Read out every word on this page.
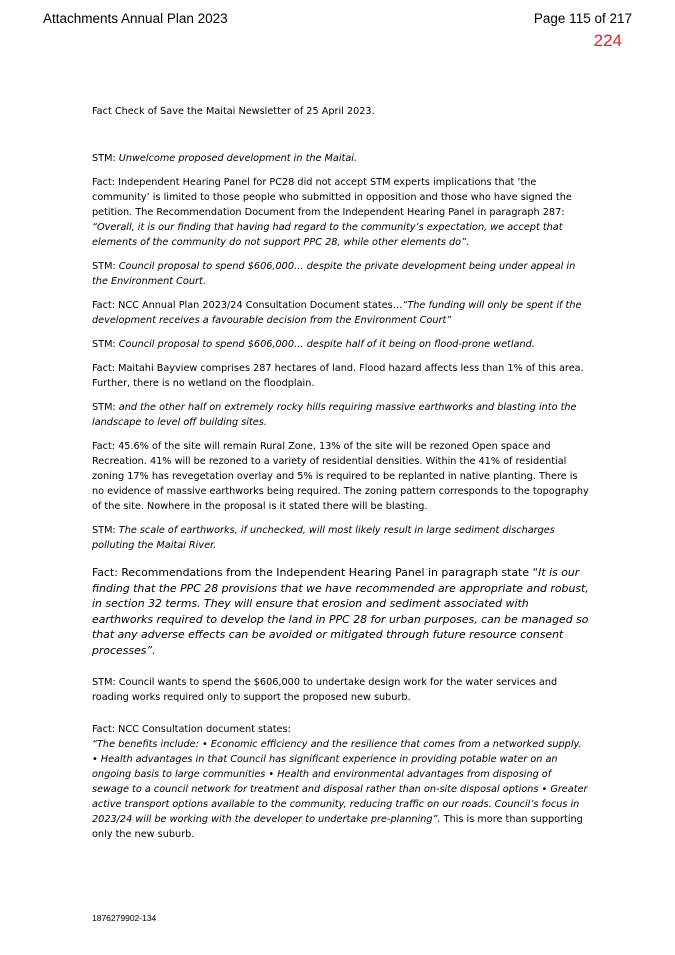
Attachments Annual Plan 2023	Page 115 of 217
224

Fact Check of Save the Maitai Newsletter of 25 April 2023.

STM: Unwelcome proposed development in the Maitai.

Fact: Independent Hearing Panel for PC28 did not accept STM experts implications that ‘the community’ is limited to those people who submitted in opposition and those who have signed the petition. The Recommendation Document from the Independent Hearing Panel in paragraph 287: “Overall, it is our finding that having had regard to the community’s expectation, we accept that elements of the community do not support PPC 28, while other elements do”.

STM: Council proposal to spend $606,000… despite the private development being under appeal in the Environment Court.

Fact: NCC Annual Plan 2023/24 Consultation Document states…“The funding will only be spent if the development receives a favourable decision from the Environment Court”

STM: Council proposal to spend $606,000… despite half of it being on flood-prone wetland.

Fact: Maitahi Bayview comprises 287 hectares of land. Flood hazard affects less than 1% of this area. Further, there is no wetland on the floodplain.

STM: and the other half on extremely rocky hills requiring massive earthworks and blasting into the landscape to level off building sites.

Fact: 45.6% of the site will remain Rural Zone, 13% of the site will be rezoned Open space and Recreation. 41% will be rezoned to a variety of residential densities. Within the 41% of residential zoning 17% has revegetation overlay and 5% is required to be replanted in native planting. There is no evidence of massive earthworks being required. The zoning pattern corresponds to the topography of the site. Nowhere in the proposal is it stated there will be blasting.

STM: The scale of earthworks, if unchecked, will most likely result in large sediment discharges polluting the Maitai River.

Fact: Recommendations from the Independent Hearing Panel in paragraph state “It is our finding that the PPC 28 provisions that we have recommended are appropriate and robust, in section 32 terms. They will ensure that erosion and sediment associated with earthworks required to develop the land in PPC 28 for urban purposes, can be managed so that any adverse effects can be avoided or mitigated through future resource consent processes”.

STM: Council wants to spend the $606,000 to undertake design work for the water services and roading works required only to support the proposed new suburb.

Fact: NCC Consultation document states:
“The benefits include: • Economic efficiency and the resilience that comes from a networked supply. • Health advantages in that Council has significant experience in providing potable water on an ongoing basis to large communities • Health and environmental advantages from disposing of sewage to a council network for treatment and disposal rather than on-site disposal options • Greater active transport options available to the community, reducing traffic on our roads. Council’s focus in 2023/24 will be working with the developer to undertake pre-planning”. This is more than supporting only the new suburb.

1876279902-134
